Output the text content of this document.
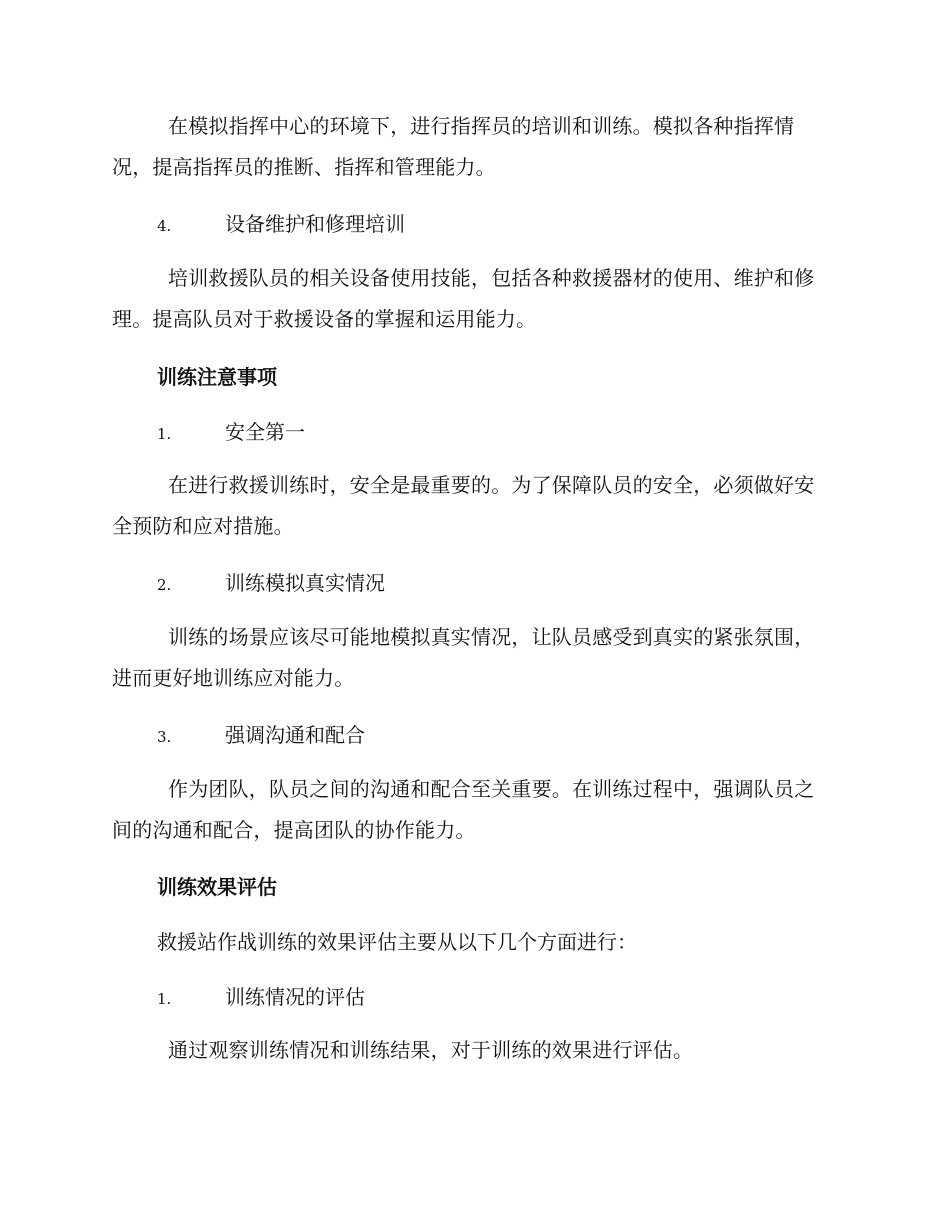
在模拟指挥中心的环境下，进行指挥员的培训和训练。模拟各种指挥情况，提高指挥员的推断、指挥和管理能力。

4.	设备维护和修理培训

培训救援队员的相关设备使用技能，包括各种救援器材的使用、维护和修理。提高队员对于救援设备的掌握和运用能力。

训练注意事项

1.	安全第一

在进行救援训练时，安全是最重要的。为了保障队员的安全，必须做好安全预防和应对措施。

2.	训练模拟真实情况

训练的场景应该尽可能地模拟真实情况，让队员感受到真实的紧张氛围，进而更好地训练应对能力。

3.	强调沟通和配合

作为团队，队员之间的沟通和配合至关重要。在训练过程中，强调队员之间的沟通和配合，提高团队的协作能力。

训练效果评估

救援站作战训练的效果评估主要从以下几个方面进行：

1.	训练情况的评估

通过观察训练情况和训练结果，对于训练的效果进行评估。
